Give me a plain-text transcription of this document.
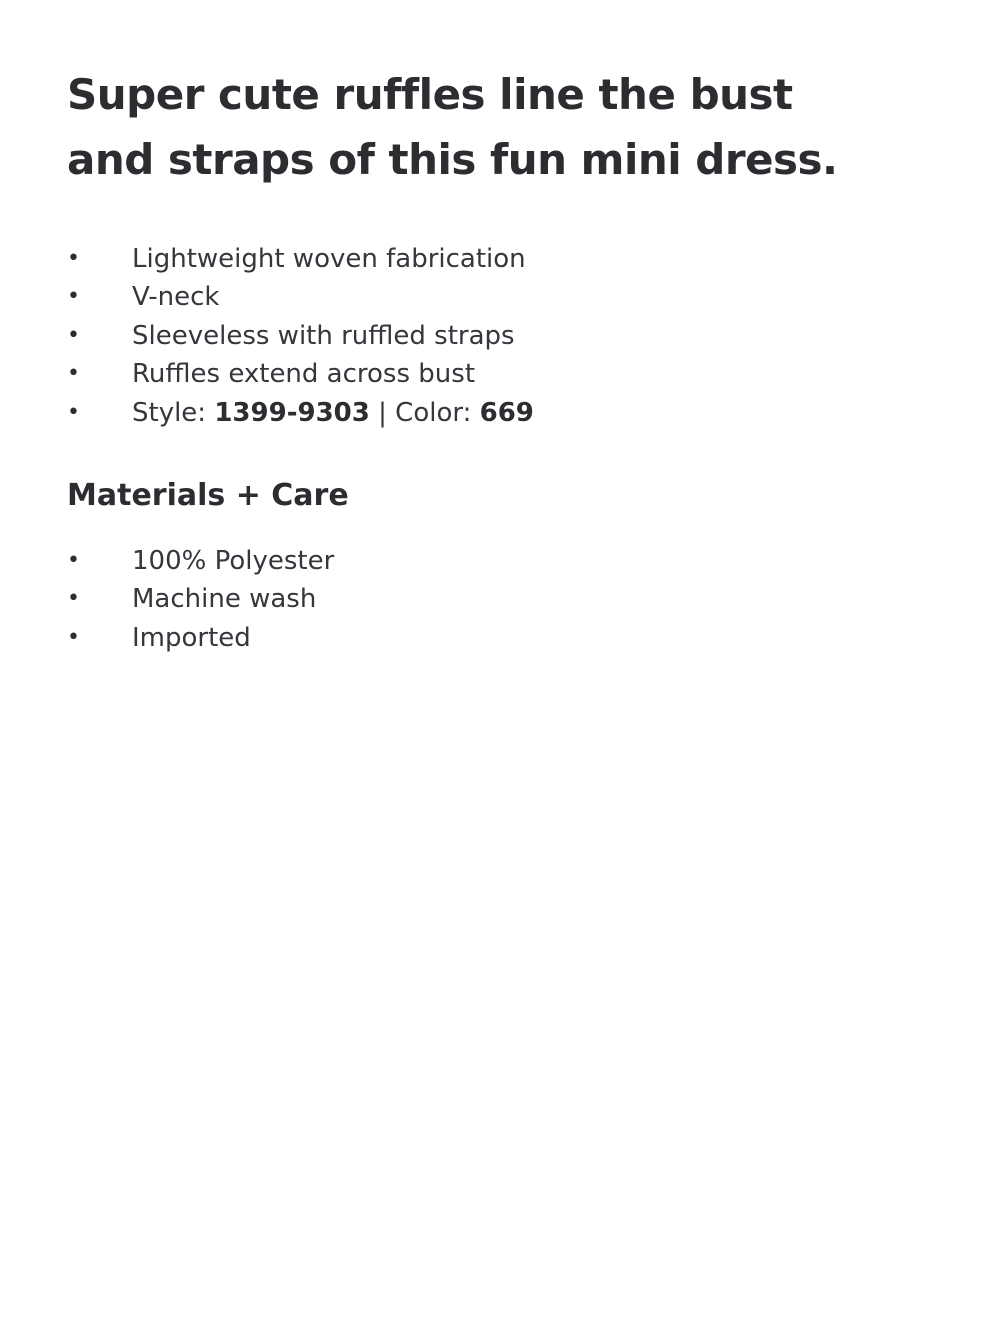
Super cute ruffles line the bust and straps of this fun mini dress.
• Lightweight woven fabrication
• V-neck
• Sleeveless with ruffled straps
• Ruffles extend across bust
• Style: 1399-9303 | Color: 669
Materials + Care
• 100% Polyester
• Machine wash
• Imported
